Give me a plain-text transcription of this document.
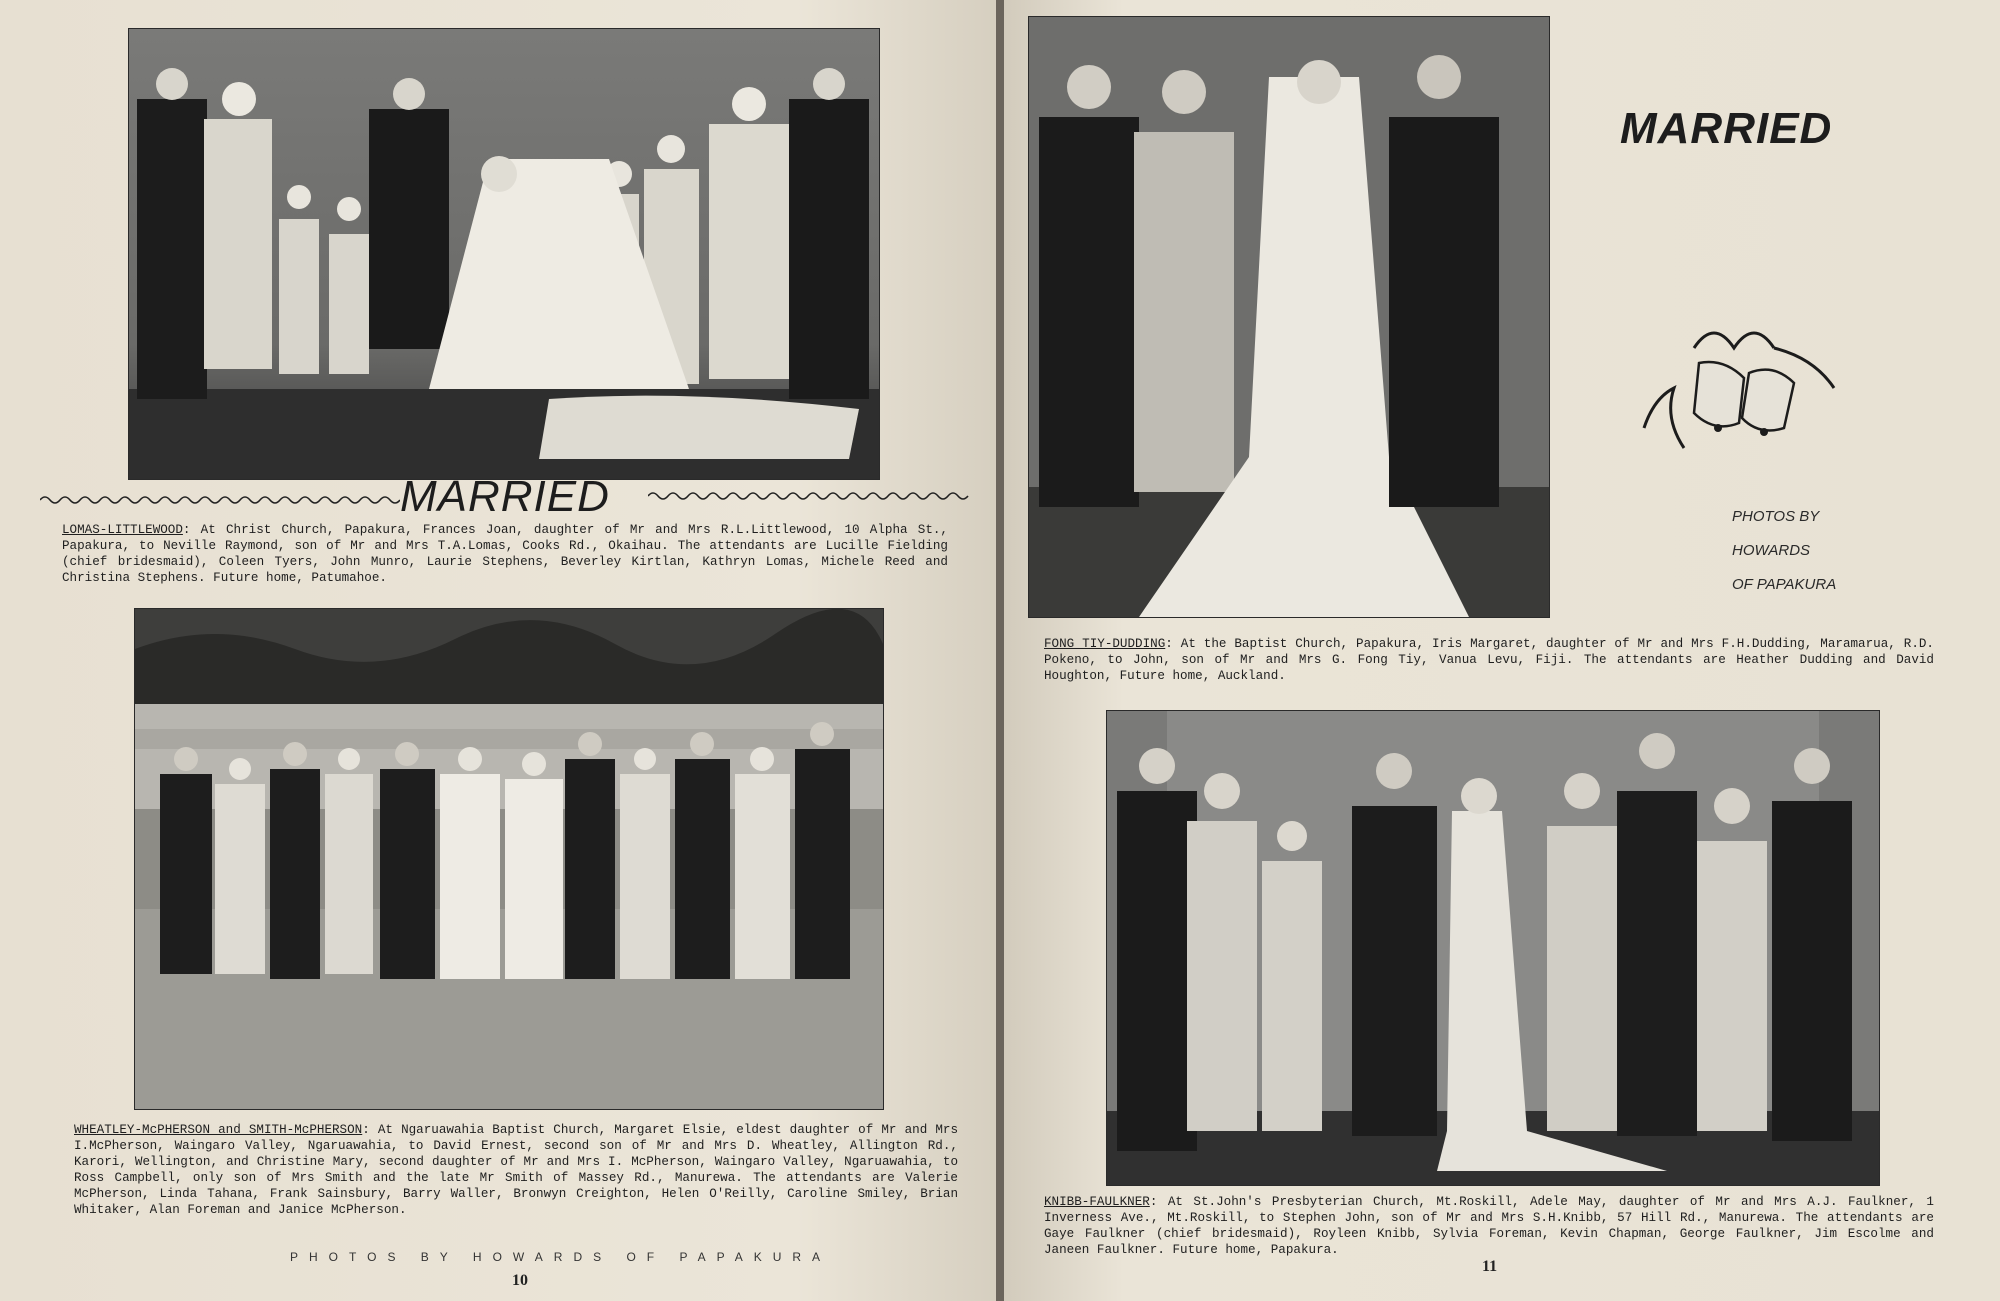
MARRIED
LOMAS-LITTLEWOOD: At Christ Church, Papakura, Frances Joan, daughter of Mr and Mrs R.L.Littlewood, 10 Alpha St., Papakura, to Neville Raymond, son of Mr and Mrs T.A.Lomas, Cooks Rd., Okaihau. The attendants are Lucille Fielding (chief bridesmaid), Coleen Tyers, John Munro, Laurie Stephens, Beverley Kirtlan, Kathryn Lomas, Michele Reed and Christina Stephens. Future home, Patumahoe.
WHEATLEY-McPHERSON and SMITH-McPHERSON: At Ngaruawahia Baptist Church, Margaret Elsie, eldest daughter of Mr and Mrs I.McPherson, Waingaro Valley, Ngaruawahia, to David Ernest, second son of Mr and Mrs D. Wheatley, Allington Rd., Karori, Wellington, and Christine Mary, second daughter of Mr and Mrs I. McPherson, Waingaro Valley, Ngaruawahia, to Ross Campbell, only son of Mrs Smith and the late Mr Smith of Massey Rd., Manurewa. The attendants are Valerie McPherson, Linda Tahana, Frank Sainsbury, Barry Waller, Bronwyn Creighton, Helen O'Reilly, Caroline Smiley, Brian Whitaker, Alan Foreman and Janice McPherson.
PHOTOS BY HOWARDS OF PAPAKURA
10
MARRIED
PHOTOS BY
HOWARDS
OF PAPAKURA
FONG TIY-DUDDING: At the Baptist Church, Papakura, Iris Margaret, daughter of Mr and Mrs F.H.Dudding, Maramarua, R.D. Pokeno, to John, son of Mr and Mrs G. Fong Tiy, Vanua Levu, Fiji. The attendants are Heather Dudding and David Houghton, Future home, Auckland.
KNIBB-FAULKNER: At St.John's Presbyterian Church, Mt.Roskill, Adele May, daughter of Mr and Mrs A.J. Faulkner, 1 Inverness Ave., Mt.Roskill, to Stephen John, son of Mr and Mrs S.H.Knibb, 57 Hill Rd., Manurewa. The attendants are Gaye Faulkner (chief bridesmaid), Royleen Knibb, Sylvia Foreman, Kevin Chapman, George Faulkner, Jim Escolme and Janeen Faulkner. Future home, Papakura.
11
